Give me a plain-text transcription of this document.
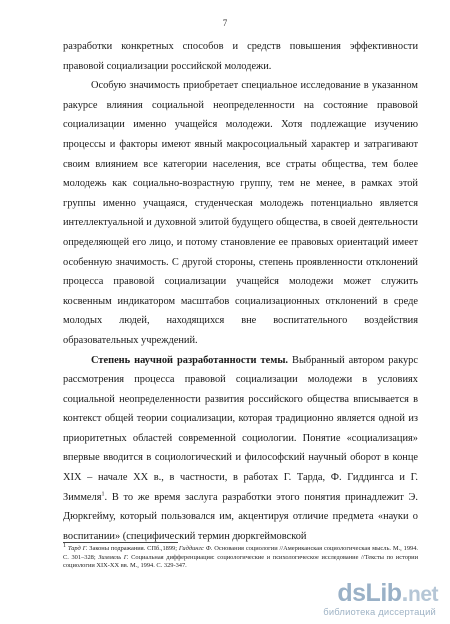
7

разработки конкретных способов и средств повышения эффективности правовой социализации российской молодежи.

Особую значимость приобретает специальное исследование в указанном ракурсе влияния социальной неопределенности на состояние правовой социализации именно учащейся молодежи. Хотя подлежащие изучению процессы и факторы имеют явный макросоциальный характер и затрагивают своим влиянием все категории населения, все страты общества, тем более молодежь как социально-возрастную группу, тем не менее, в рамках этой группы именно учащаяся, студенческая молодежь потенциально является интеллектуальной и духовной элитой будущего общества, в своей деятельности определяющей его лицо, и потому становление ее правовых ориентаций имеет особенную значимость. С другой стороны, степень проявленности отклонений процесса правовой социализации учащейся молодежи может служить косвенным индикатором масштабов социализационных отклонений в среде молодых людей, находящихся вне воспитательного воздействия образовательных учреждений.

Степень научной разработанности темы. Выбранный автором ракурс рассмотрения процесса правовой социализации молодежи в условиях социальной неопределенности развития российского общества вписывается в контекст общей теории социализации, которая традиционно является одной из приоритетных областей современной социологии. Понятие «социализация» впервые вводится в социологический и философский научный оборот в конце XIX – начале XX в., в частности, в работах Г. Тарда, Ф. Гиддингса и Г. Зиммеля$^1$. В то же время заслуга разработки этого понятия принадлежит Э. Дюркгейму, который пользовался им, акцентируя отличие предмета «науки о воспитании» (специфический термин дюркгеймовской

$^1$ Тард Г. Законы подражания. СПб.,1899; Гиддингс Ф. Основания социологии //Американская социологическая мысль. М., 1994. С. 301–328; Зиммель Г. Социальная дифференциация: социологические и психологическое исследование //Тексты по истории социологии XIX-XX вв. М., 1994. С. 329-347.

dsLib.net
библиотека диссертаций
